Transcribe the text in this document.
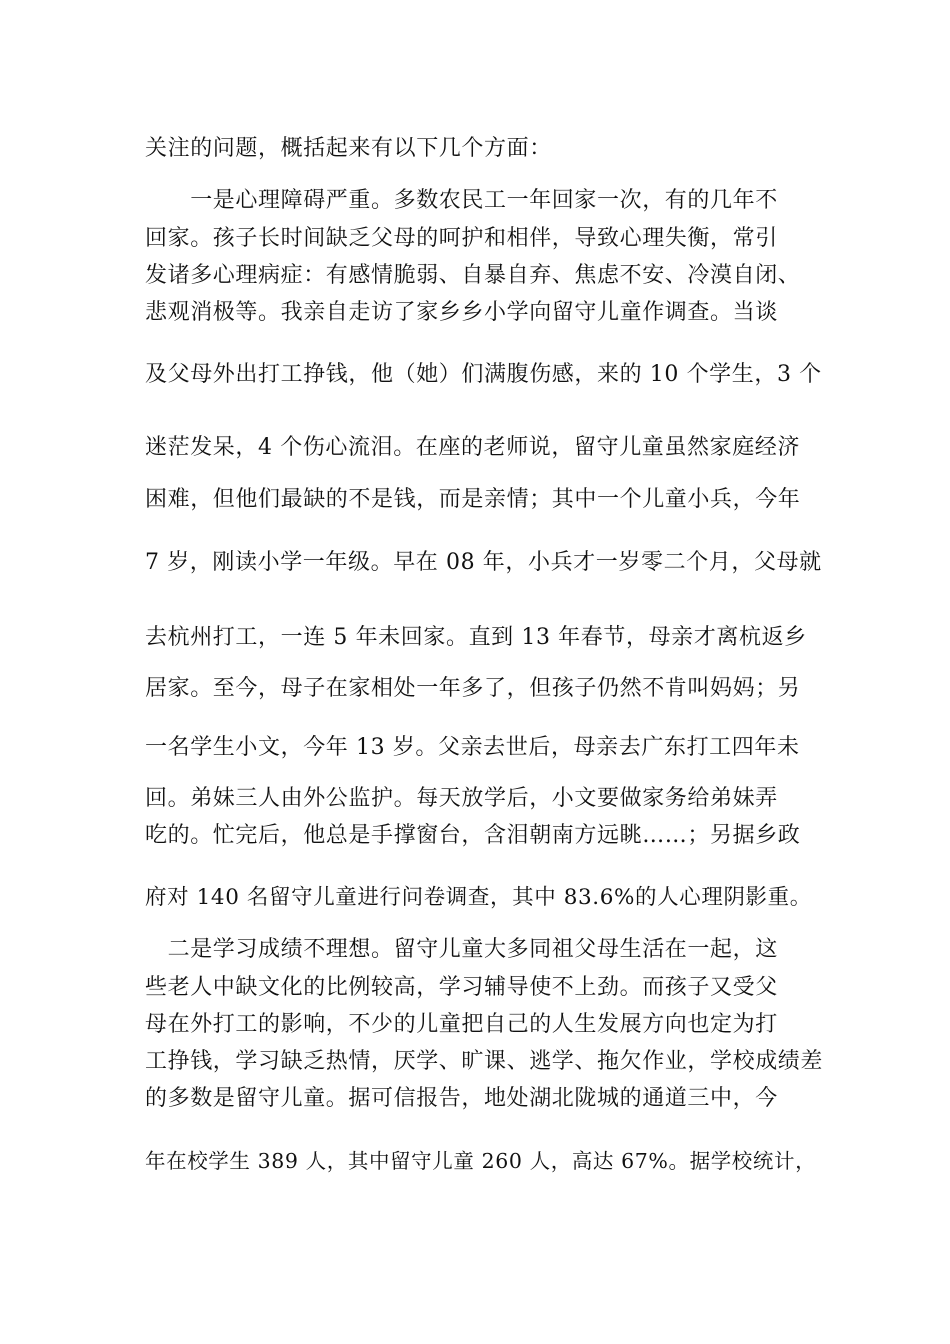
关注的问题，概括起来有以下几个方面：
　　一是心理障碍严重。多数农民工一年回家一次，有的几年不
回家。孩子长时间缺乏父母的呵护和相伴，导致心理失衡，常引
发诸多心理病症：有感情脆弱、自暴自弃、焦虑不安、冷漠自闭、
悲观消极等。我亲自走访了家乡乡小学向留守儿童作调查。当谈
及父母外出打工挣钱，他（她）们满腹伤感，来的 10 个学生，3 个
迷茫发呆，4 个伤心流泪。在座的老师说，留守儿童虽然家庭经济
困难，但他们最缺的不是钱，而是亲情；其中一个儿童小兵，今年
7 岁，刚读小学一年级。早在 08 年，小兵才一岁零二个月，父母就
去杭州打工，一连 5 年未回家。直到 13 年春节，母亲才离杭返乡
居家。至今，母子在家相处一年多了，但孩子仍然不肯叫妈妈；另
一名学生小文，今年 13 岁。父亲去世后，母亲去广东打工四年未
回。弟妹三人由外公监护。每天放学后，小文要做家务给弟妹弄
吃的。忙完后，他总是手撑窗台，含泪朝南方远眺……；另据乡政
府对 140 名留守儿童进行问卷调查，其中 83.6%的人心理阴影重。
　二是学习成绩不理想。留守儿童大多同祖父母生活在一起，这
些老人中缺文化的比例较高，学习辅导使不上劲。而孩子又受父
母在外打工的影响，不少的儿童把自己的人生发展方向也定为打
工挣钱，学习缺乏热情，厌学、旷课、逃学、拖欠作业，学校成绩差
的多数是留守儿童。据可信报告，地处湖北陇城的通道三中，今
年在校学生 389 人，其中留守儿童 260 人，高达 67%。据学校统计，
